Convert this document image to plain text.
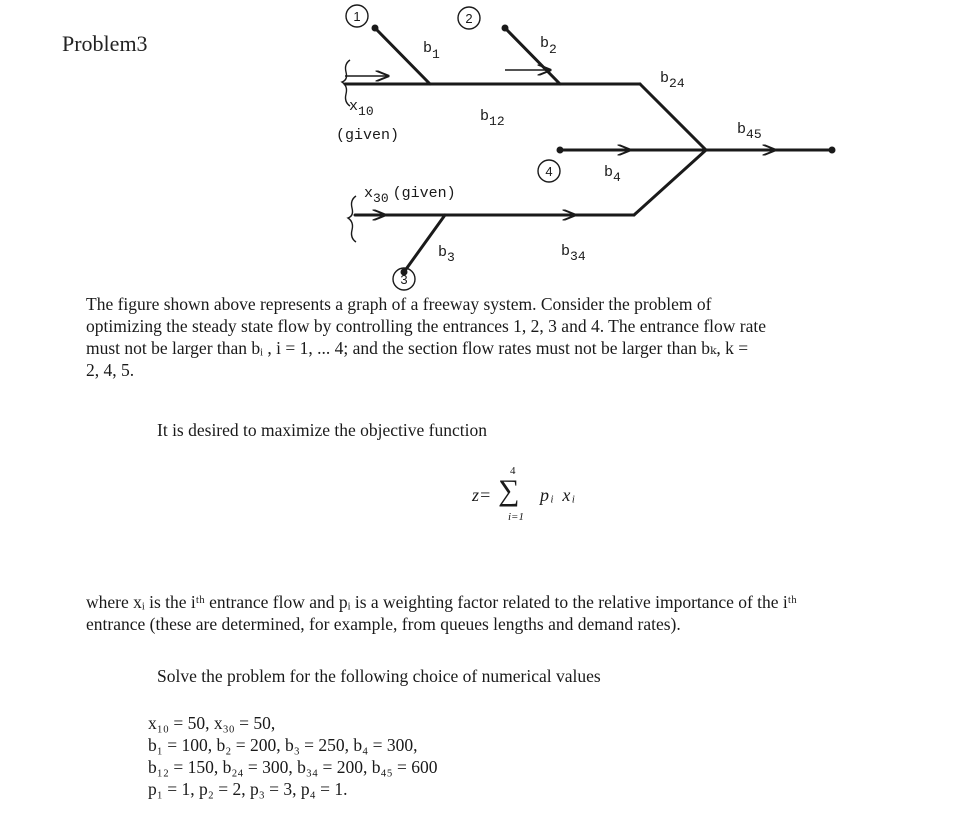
Problem3
1	2
3
4
x10
(given)
x30 (given)
b1
b2
b12
b24
b45
b4
b3	b34
The figure shown above represents a graph of a freeway system. Consider the problem of
optimizing the steady state flow by controlling the entrances 1, 2, 3 and 4. The entrance flow rate
must not be larger than bᵢ , i = 1, ... 4; and the section flow rates must not be larger than bₖ, k =
2, 4, 5.
It is desired to maximize the objective function
z=
4
∑
i=1
pᵢ xᵢ
where xᵢ is the iᵗʰ entrance flow and pᵢ is a weighting factor related to the relative importance of the iᵗʰ
entrance (these are determined, for example, from queues lengths and demand rates).
Solve the problem for the following choice of numerical values
x₁₀ = 50, x₃₀ = 50,
b₁ = 100, b₂ = 200, b₃ = 250, b₄ = 300,
b₁₂ = 150, b₂₄ = 300, b₃₄ = 200, b₄₅ = 600
p₁ = 1, p₂ = 2, p₃ = 3, p₄ = 1.
